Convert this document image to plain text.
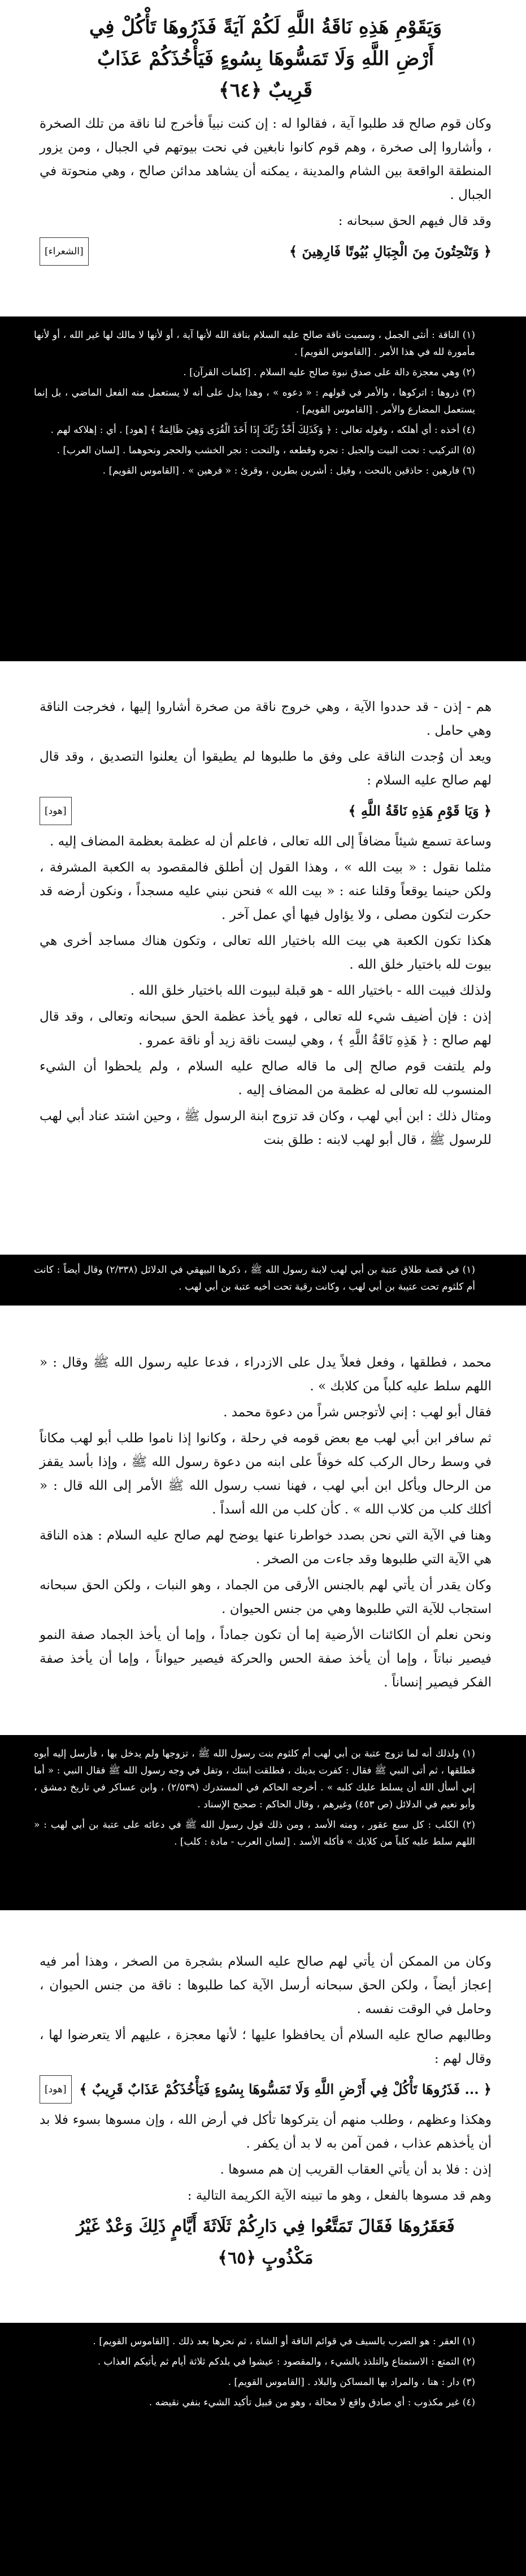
وَيَقَوْمِ هَذِهِ نَاقَةُ اللَّهِ لَكُمْ آيَةً فَذَرُوهَا تَأْكُلْ فِي أَرْضِ اللَّهِ وَلَا تَمَسُّوهَا بِسُوءٍ فَيَأْخُذَكُمْ عَذَابٌ قَرِيبٌ ﴿٦٤﴾

وكان قوم صالح قد طلبوا آية ، فقالوا له : إن كنت نبياً فأخرج لنا ناقة من تلك الصخرة ، وأشاروا إلى صخرة ، وهم قوم كانوا نابغين في نحت بيوتهم في الجبال ، ومن يزور المنطقة الواقعة بين الشام والمدينة ، يمكنه أن يشاهد مدائن صالح ، وهي منحوتة في الجبال .

وقد قال فيهم الحق سبحانه :

﴿ وَتَنْحِتُونَ مِنَ الْجِبَالِ بُيُوتًا فَارِهِينَ ﴾
[الشعراء]

(١) الناقة : أنثى الجمل ، وسميت ناقة صالح عليه السلام بناقة الله لأنها آية ، أو لأنها لا مالك لها غير الله ، أو لأنها مأمورة لله في هذا الأمر . [القاموس القويم] .

(٢) وهي معجزة دالة على صدق نبوة صالح عليه السلام . [كلمات القرآن] .

(٣) ذروها : اتركوها ، والأمر في قولهم : « دعوه » ، وهذا يدل على أنه لا يستعمل منه الفعل الماضي ، بل إنما يستعمل المضارع والأمر . [القاموس القويم] .

(٤) أخذه : أي أهلكه ، وقوله تعالى : ﴿ وَكَذَلِكَ أَخْذُ رَبِّكَ إِذَا أَخَذَ الْقُرَى وَهِيَ ظَالِمَةٌ ﴾ [هود] . أي : إهلاكه لهم .

(٥) التركيب : نحت البيت والجبل : نجره وقطعه ، والنحت : نجر الخشب والحجر ونحوهما . [لسان العرب] .

(٦) فارهين : حاذقين بالنحت ، وقيل : أشرين بطرين ، وقرئ : « فرهين » . [القاموس القويم] .

هم - إذن - قد حددوا الآية ، وهي خروج ناقة من صخرة أشاروا إليها ، فخرجت الناقة وهي حامل .

ويعد أن وُجدت الناقة على وفق ما طلبوها لم يطيقوا أن يعلنوا التصديق ، وقد قال لهم صالح عليه السلام :

﴿ وَيَا قَوْمِ هَذِهِ نَاقَةُ اللَّهِ ﴾
[هود]

وساعة تسمع شيئاً مضافاً إلى الله تعالى ، فاعلم أن له عظمة بعظمة المضاف إليه .

مثلما نقول : « بيت الله » ، وهذا القول إن أطلق فالمقصود به الكعبة المشرفة ، ولكن حينما يوقعاً وقلنا عنه : « بيت الله » فنحن نبني عليه مسجداً ، ونكون أرضه قد حكرت لتكون مصلى ، ولا يؤاول فيها أي عمل آخر .

هكذا تكون الكعبة هي بيت الله باختيار الله تعالى ، وتكون هناك مساجد أخرى هي بيوت لله باختيار خلق الله .

ولذلك فبيت الله - باختيار الله - هو قبلة لبيوت الله باختيار خلق الله .

إذن : فإن أضيف شيء لله تعالى ، فهو يأخذ عظمة الحق سبحانه وتعالى ، وقد قال لهم صالح : ﴿ هَذِهِ نَاقَةُ اللَّهِ ﴾ ، وهي ليست ناقة زيد أو ناقة عمرو .

ولم يلتفت قوم صالح إلى ما قاله صالح عليه السلام ، ولم يلحظوا أن الشيء المنسوب لله تعالى له عظمة من المضاف إليه .

ومثال ذلك : ابن أبي لهب ، وكان قد تزوج ابنة الرسول ﷺ ، وحين اشتد عناد أبي لهب للرسول ﷺ ، قال أبو لهب لابنه : طلق بنت

(١) في قصة طلاق عتبة بن أبي لهب لابنة رسول الله ﷺ ، ذكرها البيهقي في الدلائل (٢/٣٣٨) وقال أيضاً : كانت أم كلثوم تحت عتيبة بن أبي لهب ، وكانت رقية تحت أخيه عتبة بن أبي لهب .

محمد ، فطلقها ، وفعل فعلاً يدل على الازدراء ، فدعا عليه رسول الله ﷺ وقال : « اللهم سلط عليه كلباً من كلابك » .

فقال أبو لهب : إني لأتوجس شراً من دعوة محمد .

ثم سافر ابن أبي لهب مع بعض قومه في رحلة ، وكانوا إذا ناموا طلب أبو لهب مكاناً في وسط رحال الركب كله خوفاً على ابنه من دعوة رسول الله ﷺ ، وإذا بأسد يقفز من الرحال ويأكل ابن أبي لهب ، فهنا نسب رسول الله ﷺ الأمر إلى الله قال : « أكلك كلب من كلاب الله » . كأن كلب من الله أسداً .

وهنا في الآية التي نحن بصدد خواطرنا عنها يوضح لهم صالح عليه السلام : هذه الناقة هي الآية التي طلبوها وقد جاءت من الصخر .

وكان يقدر أن يأتي لهم بالجنس الأرقى من الجماد ، وهو النبات ، ولكن الحق سبحانه استجاب للآية التي طلبوها وهي من جنس الحيوان .

ونحن نعلم أن الكائنات الأرضية إما أن تكون جماداً ، وإما أن يأخذ الجماد صفة النمو فيصير نباتاً ، وإما أن يأخذ صفة الحس والحركة فيصير حيواناً ، وإما أن يأخذ صفة الفكر فيصير إنساناً .

(١) ولذلك أنه لما تزوج عتبة بن أبي لهب أم كلثوم بنت رسول الله ﷺ ، تزوجها ولم يدخل بها ، فأرسل إليه أبوه فطلقها ، ثم أتى النبي ﷺ فقال : كفرت بدينك ، فطلقت ابنتك ، وتفل في وجه رسول الله ﷺ فقال النبي : « أما إني أسأل الله أن يسلط عليك كلبه » . أخرجه الحاكم في المستدرك (٢/٥٣٩) ، وابن عساكر في تاريخ دمشق ، وأبو نعيم في الدلائل (ص ٤٥٣) وغيرهم ، وقال الحاكم : صحيح الإسناد .

(٢) الكلب : كل سبع عقور ، ومنه الأسد ، ومن ذلك قول رسول الله ﷺ في دعائه على عتبة بن أبي لهب : « اللهم سلط عليه كلباً من كلابك » فأكله الأسد . [لسان العرب - مادة : كلب] .

وكان من الممكن أن يأتي لهم صالح عليه السلام بشجرة من الصخر ، وهذا أمر فيه إعجاز أيضاً ، ولكن الحق سبحانه أرسل الآية كما طلبوها : ناقة من جنس الحيوان ، وحامل في الوقت نفسه .

وطالبهم صالح عليه السلام أن يحافظوا عليها ؛ لأنها معجزة ، عليهم ألا يتعرضوا لها ، وقال لهم :

﴿ ... فَذَرُوهَا تَأْكُلْ فِي أَرْضِ اللَّهِ وَلَا تَمَسُّوهَا بِسُوءٍ فَيَأْخُذَكُمْ عَذَابٌ قَرِيبٌ ﴾
[هود]

وهكذا وعظهم ، وطلب منهم أن يتركوها تأكل في أرض الله ، وإن مسوها بسوء فلا بد أن يأخذهم عذاب ، فمن آمن به لا بد أن يكفر .

إذن : فلا بد أن يأتي العقاب القريب إن هم مسوها .

وهم قد مسوها بالفعل ، وهو ما تبينه الآية الكريمة التالية :

فَعَقَرُوهَا فَقَالَ تَمَتَّعُوا فِي دَارِكُمْ ثَلَاثَةَ أَيَّامٍ ذَلِكَ وَعْدٌ غَيْرُ مَكْذُوبٍ ﴿٦٥﴾

(١) العقر : هو الضرب بالسيف في قوائم الناقة أو الشاة ، ثم نحرها بعد ذلك . [القاموس القويم] .

(٢) التمتع : الاستمتاع والتلذذ بالشيء ، والمقصود : عيشوا في بلدكم ثلاثة أيام ثم يأتيكم العذاب .

(٣) دار : هنا ، والمراد بها المساكن والبلاد . [القاموس القويم] .

(٤) غير مكذوب : أي صادق واقع لا محالة ، وهو من قبيل تأكيد الشيء بنفي نقيضه .
